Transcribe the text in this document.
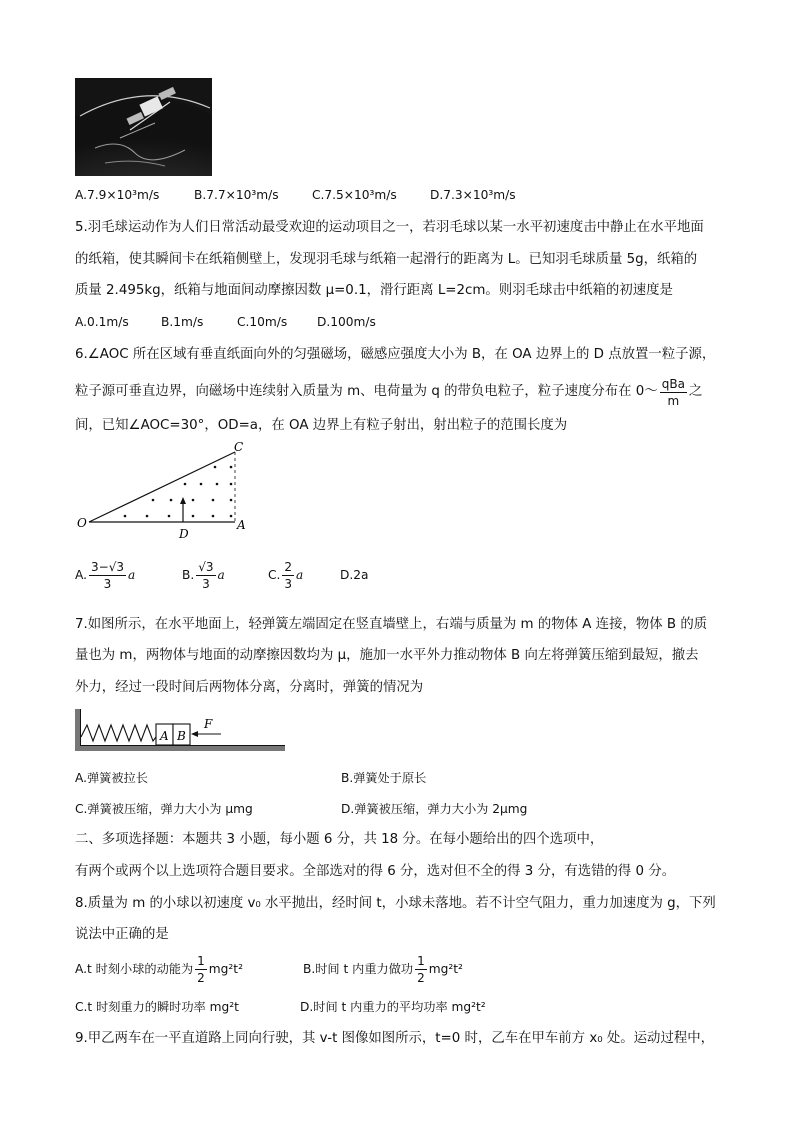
A.7.9×10³m/s	B.7.7×10³m/s	C.7.5×10³m/s	D.7.3×10³m/s
5.羽毛球运动作为人们日常活动最受欢迎的运动项目之一，若羽毛球以某一水平初速度击中静止在水平地面
的纸箱，使其瞬间卡在纸箱侧壁上，发现羽毛球与纸箱一起滑行的距离为 L。已知羽毛球质量 5g，纸箱的
质量 2.495kg，纸箱与地面间动摩擦因数 μ=0.1，滑行距离 L=2cm。则羽毛球击中纸箱的初速度是
A.0.1m/s	B.1m/s	C.10m/s D.100m/s
6.∠AOC 所在区域有垂直纸面向外的匀强磁场，磁感应强度大小为 B，在 OA 边界上的 D 点放置一粒子源，
粒子源可垂直边界，向磁场中连续射入质量为 m、电荷量为 q 的带负电粒子，粒子速度分布在 0～ $\frac{\text{qBa}}{m}$ 之
间，已知∠AOC=30°，OD=a，在 OA 边界上有粒子射出，射出粒子的范围长度为
O	A
C
D
A. $\frac{3-√3}{3}$ a	B. $\frac{√3}{3}$ a	C. $\frac{2}{3}$ a	D.2a
7.如图所示，在水平地面上，轻弹簧左端固定在竖直墙壁上，右端与质量为 m 的物体 A 连接，物体 B 的质
量也为 m，两物体与地面的动摩擦因数均为 μ，施加一水平外力推动物体 B 向左将弹簧压缩到最短，撤去
外力，经过一段时间后两物体分离，分离时，弹簧的情况为
A B
F
A.弹簧被拉长	B.弹簧处于原长
C.弹簧被压缩，弹力大小为 μmg	D.弹簧被压缩，弹力大小为 2μmg
二、多项选择题：本题共 3 小题，每小题 6 分，共 18 分。在每小题给出的四个选项中，
有两个或两个以上选项符合题目要求。全部选对的得 6 分，选对但不全的得 3 分，有选错的得 0 分。
8.质量为 m 的小球以初速度 v₀ 水平抛出，经时间 t，小球未落地。若不计空气阻力，重力加速度为 g，下列
说法中正确的是
A.t 时刻小球的动能为 $\frac{1}{2} mg^2t^2$	B.时间 t 内重力做功 $\frac{1}{2} mg^2t^2$
C.t 时刻重力的瞬时功率 mg²t	D.时间 t 内重力的平均功率 mg²t²
9.甲乙两车在一平直道路上同向行驶，其 v-t 图像如图所示，t=0 时，乙车在甲车前方 x₀ 处。运动过程中，
